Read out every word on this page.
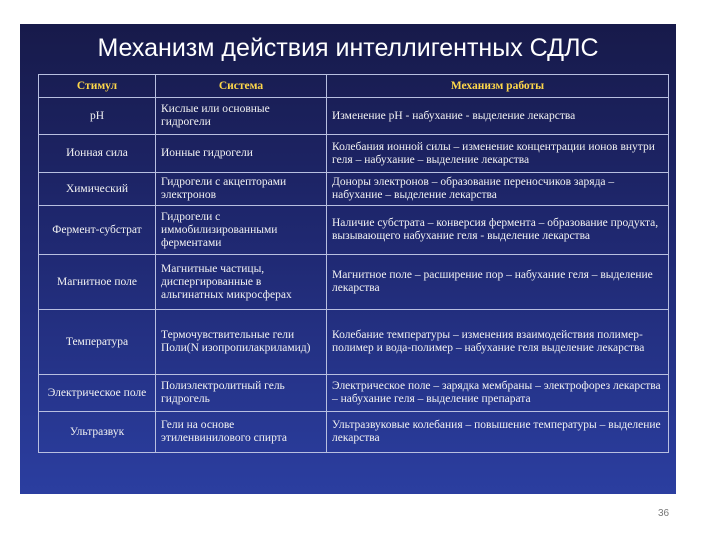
Механизм действия интеллигентных СДЛС
Стимул	Система	Механизм работы
pH	Кислые или основные гидрогели	Изменение рН - набухание - выделение лекарства
Ионная сила	Ионные гидрогели	Колебания ионной силы – изменение концентрации ионов внутри геля – набухание – выделение лекарства
Химический	Гидрогели с акцепторами электронов	Доноры электронов – образование переносчиков заряда – набухание – выделение лекарства
Фермент-субстрат	Гидрогели с иммобилизированными ферментами	Наличие субстрата – конверсия фермента – образование продукта, вызывающего набухание геля - выделение лекарства
Магнитное поле	Магнитные частицы, диспергированные в альгинатных микросферах	Магнитное поле – расширение пор – набухание геля – выделение лекарства
Температура	Термочувствительные гели Поли(N изопропилакриламид)	Колебание температуры – изменения взаимодействия полимер-полимер и вода-полимер – набухание геля выделение лекарства
Электрическое поле	Полиэлектролитный гель гидрогель	Электрическое поле – зарядка мембраны – электрофорез лекарства – набухание геля – выделение препарата
Ультразвук	Гели на основе этиленвинилового спирта	Ультразвуковые колебания – повышение температуры – выделение лекарства
36
